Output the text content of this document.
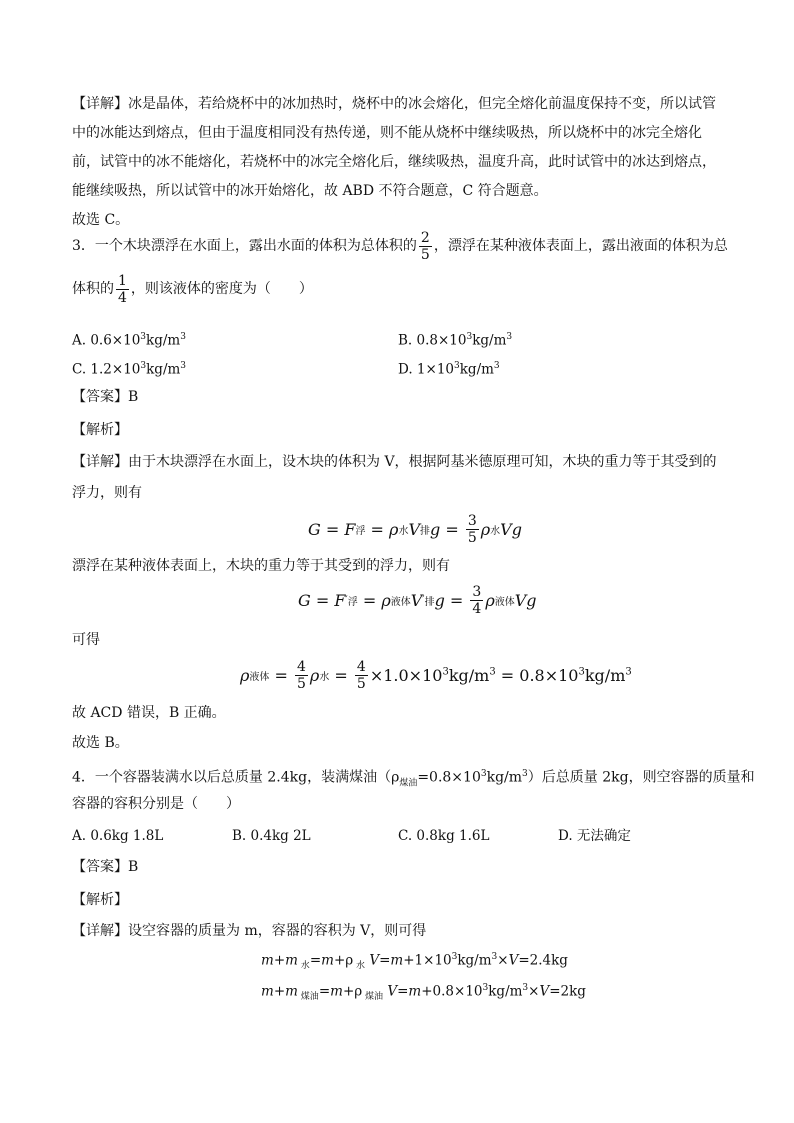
【详解】冰是晶体，若给烧杯中的冰加热时，烧杯中的冰会熔化，但完全熔化前温度保持不变，所以试管
中的冰能达到熔点，但由于温度相同没有热传递，则不能从烧杯中继续吸热，所以烧杯中的冰完全熔化
前，试管中的冰不能熔化，若烧杯中的冰完全熔化后，继续吸热，温度升高，此时试管中的冰达到熔点，
能继续吸热，所以试管中的冰开始熔化，故 ABD 不符合题意，C 符合题意。
故选 C。
3．一个木块漂浮在水面上，露出水面的体积为总体积的 $\frac{2}{5}$ ，漂浮在某种液体表面上，露出液面的体积为总
体积的 $\frac{1}{4}$ ，则该液体的密度为（　　）
A. $0.6\times 10^3kg/m^3$	B. $0.8\times 10^3kg/m^3$
C. $1.2\times 10^3kg/m^3$	D. $1\times 10^3kg/m^3$
【答案】B
【解析】
【详解】由于木块漂浮在水面上，设木块的体积为 V，根据阿基米德原理可知，木块的重力等于其受到的
浮力，则有
G = F 浮 = ρ 水 V 排 $g = \frac{3}{5}$ ρ 水 Vg
漂浮在某种液体表面上，木块的重力等于其受到的浮力，则有
G = F ′ 浮 = ρ 液体 V ′ 排 $g = \frac{3}{4}$ ρ 液体 Vg
可得
ρ 液体 = $\frac{4}{5}$ ρ 水 = $\frac{4}{5} \times 1.0\times 10^3kg/m^3 = 0.8\times 10^3kg/m^3$
故 ACD 错误，B 正确。
故选 B。
4．一个容器装满水以后总质量 2.4kg，装满煤油$(\rho_{煤油}=0.8\times 10^3kg/m^3)$后总质量 2kg，则空容器的质量和
容器的容积分别是（　　）
A. 0.6kg 1.8L	B. 0.4kg 2L	C. 0.8kg 1.6L	D. 无法确定
【答案】B
【解析】
【详解】设空容器的质量为 m，容器的容积为 V，则可得
m+m $_水$=m+ρ $_水$ $V=m+1\times 10^3kg/m^3\times V=2.4kg$
m+m $_{煤油}$=m+ρ $_{煤油}$ $V=m+0.8\times 10^3kg/m^3\times V=2kg$
